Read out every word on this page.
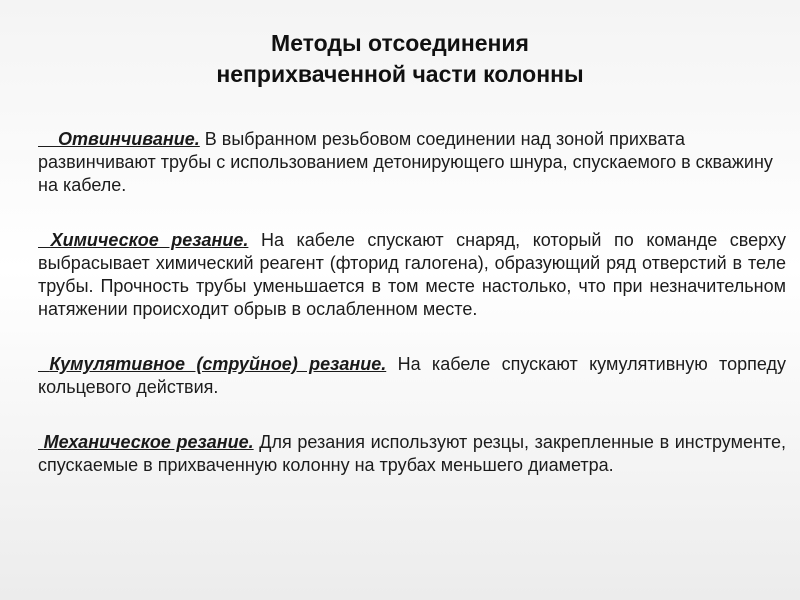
Методы отсоединения
неприхваченной части колонны

Отвинчивание. В выбранном резьбовом соединении над зоной прихвата развинчивают трубы с использованием детонирующего шнура, спускаемого в скважину на кабеле.

Химическое резание. На кабеле спускают снаряд, который по команде сверху выбрасывает химический реагент (фторид галогена), образующий ряд отверстий в теле трубы. Прочность трубы уменьшается в том месте настолько, что при незначительном натяжении происходит обрыв в ослабленном месте.

Кумулятивное (струйное) резание. На кабеле спускают кумулятивную торпеду кольцевого действия.

Механическое резание. Для резания используют резцы, закрепленные в инструменте, спускаемые в прихваченную колонну на трубах меньшего диаметра.
